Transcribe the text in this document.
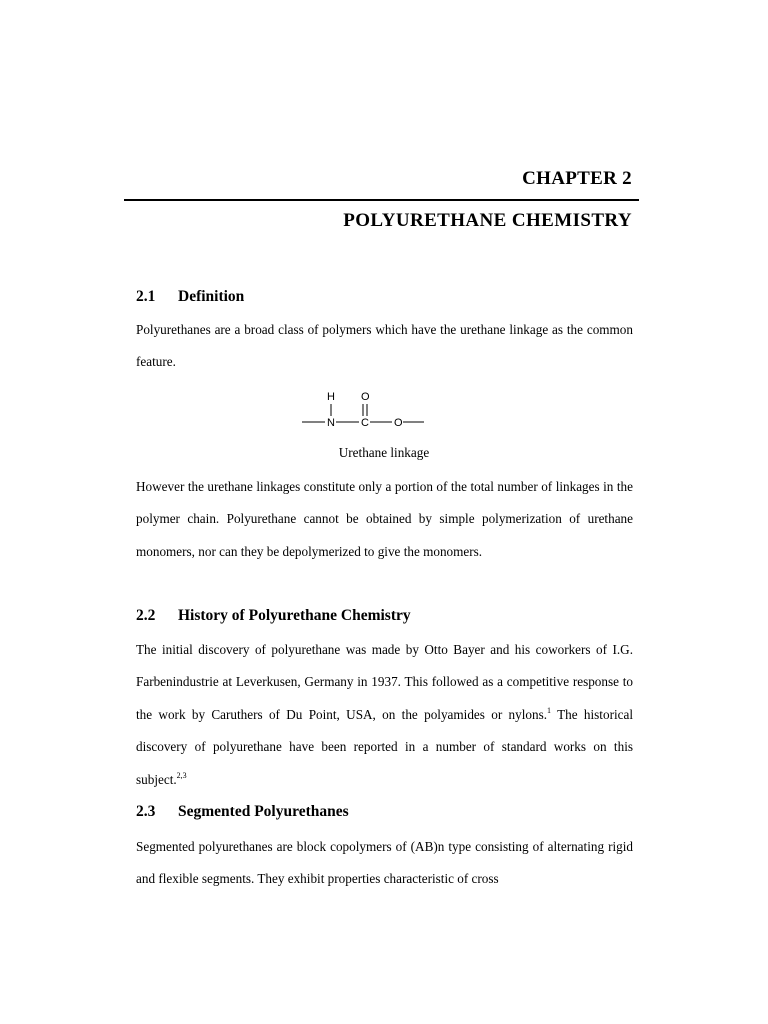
CHAPTER 2
POLYURETHANE CHEMISTRY
2.1 Definition

Polyurethanes are a broad class of polymers which have the urethane linkage as the common feature.

H O
N C O
Urethane linkage

However the urethane linkages constitute only a portion of the total number of linkages in the polymer chain. Polyurethane cannot be obtained by simple polymerization of urethane monomers, nor can they be depolymerized to give the monomers.

2.2 History of Polyurethane Chemistry

The initial discovery of polyurethane was made by Otto Bayer and his coworkers of I.G. Farbenindustrie at Leverkusen, Germany in 1937. This followed as a competitive response to the work by Caruthers of Du Point, USA, on the polyamides or nylons.$^1$ The historical discovery of polyurethane have been reported in a number of standard works on this subject.$^{2,3}$

2.3 Segmented Polyurethanes

Segmented polyurethanes are block copolymers of (AB)n type consisting of alternating rigid and flexible segments. They exhibit properties characteristic of cross
